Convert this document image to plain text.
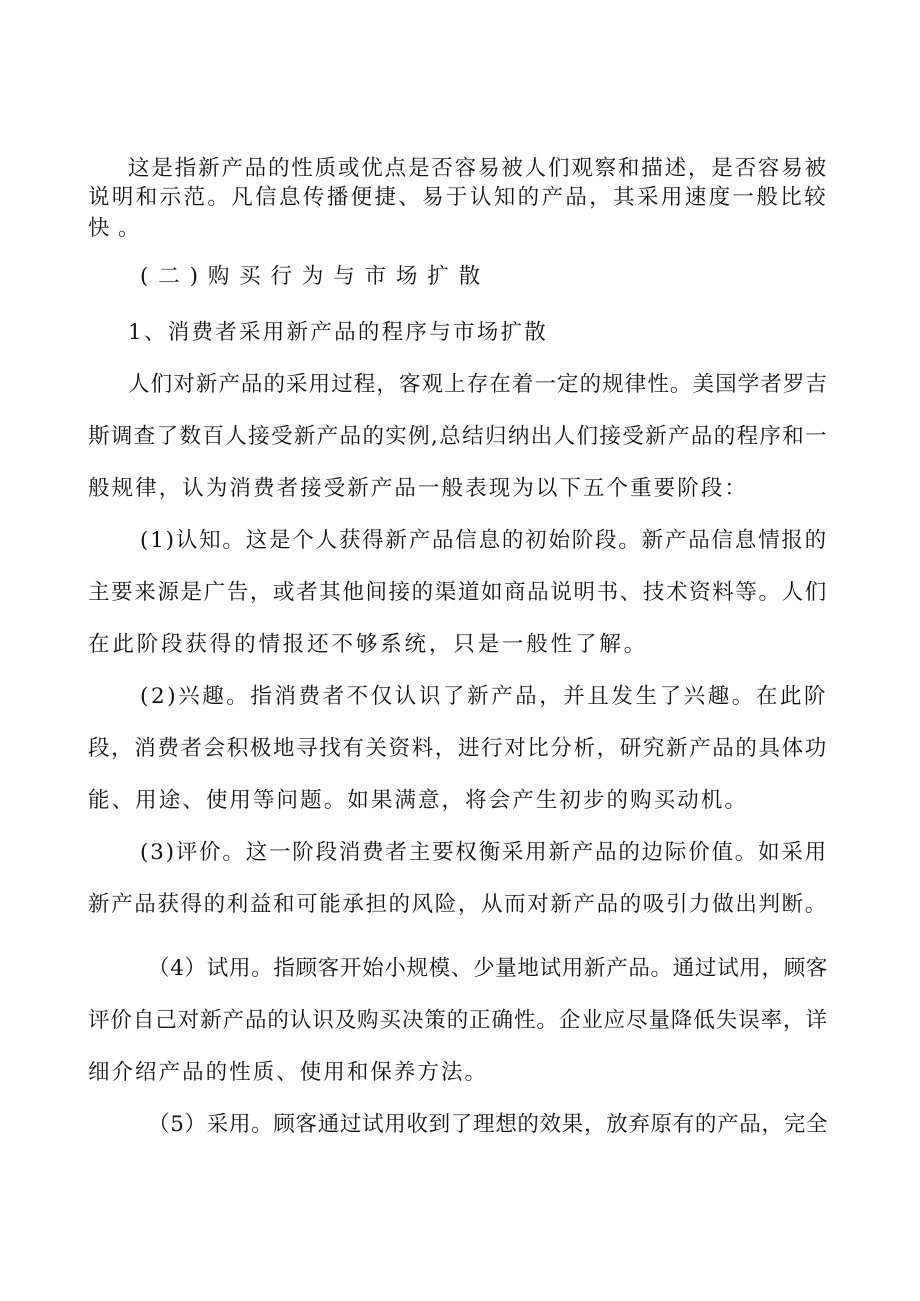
这是指新产品的性质或优点是否容易被人们观察和描述，是否容易被
说明和示范。凡信息传播便捷、易于认知的产品，其采用速度一般比较
快。
(二)购买行为与市场扩散
1、消费者采用新产品的程序与市场扩散
人们对新产品的采用过程，客观上存在着一定的规律性。美国学者罗吉
斯调查了数百人接受新产品的实例,总结归纳出人们接受新产品的程序和一
般规律，认为消费者接受新产品一般表现为以下五个重要阶段：
(1)认知。这是个人获得新产品信息的初始阶段。新产品信息情报的
主要来源是广告，或者其他间接的渠道如商品说明书、技术资料等。人们
在此阶段获得的情报还不够系统，只是一般性了解。
(2)兴趣。指消费者不仅认识了新产品，并且发生了兴趣。在此阶
段，消费者会积极地寻找有关资料，进行对比分析，研究新产品的具体功
能、用途、使用等问题。如果满意，将会产生初步的购买动机。
(3)评价。这一阶段消费者主要权衡采用新产品的边际价值。如采用
新产品获得的利益和可能承担的风险，从而对新产品的吸引力做出判断。
（4）试用。指顾客开始小规模、少量地试用新产品。通过试用，顾客
评价自己对新产品的认识及购买决策的正确性。企业应尽量降低失误率，详
细介绍产品的性质、使用和保养方法。
（5）采用。顾客通过试用收到了理想的效果，放弃原有的产品，完全
